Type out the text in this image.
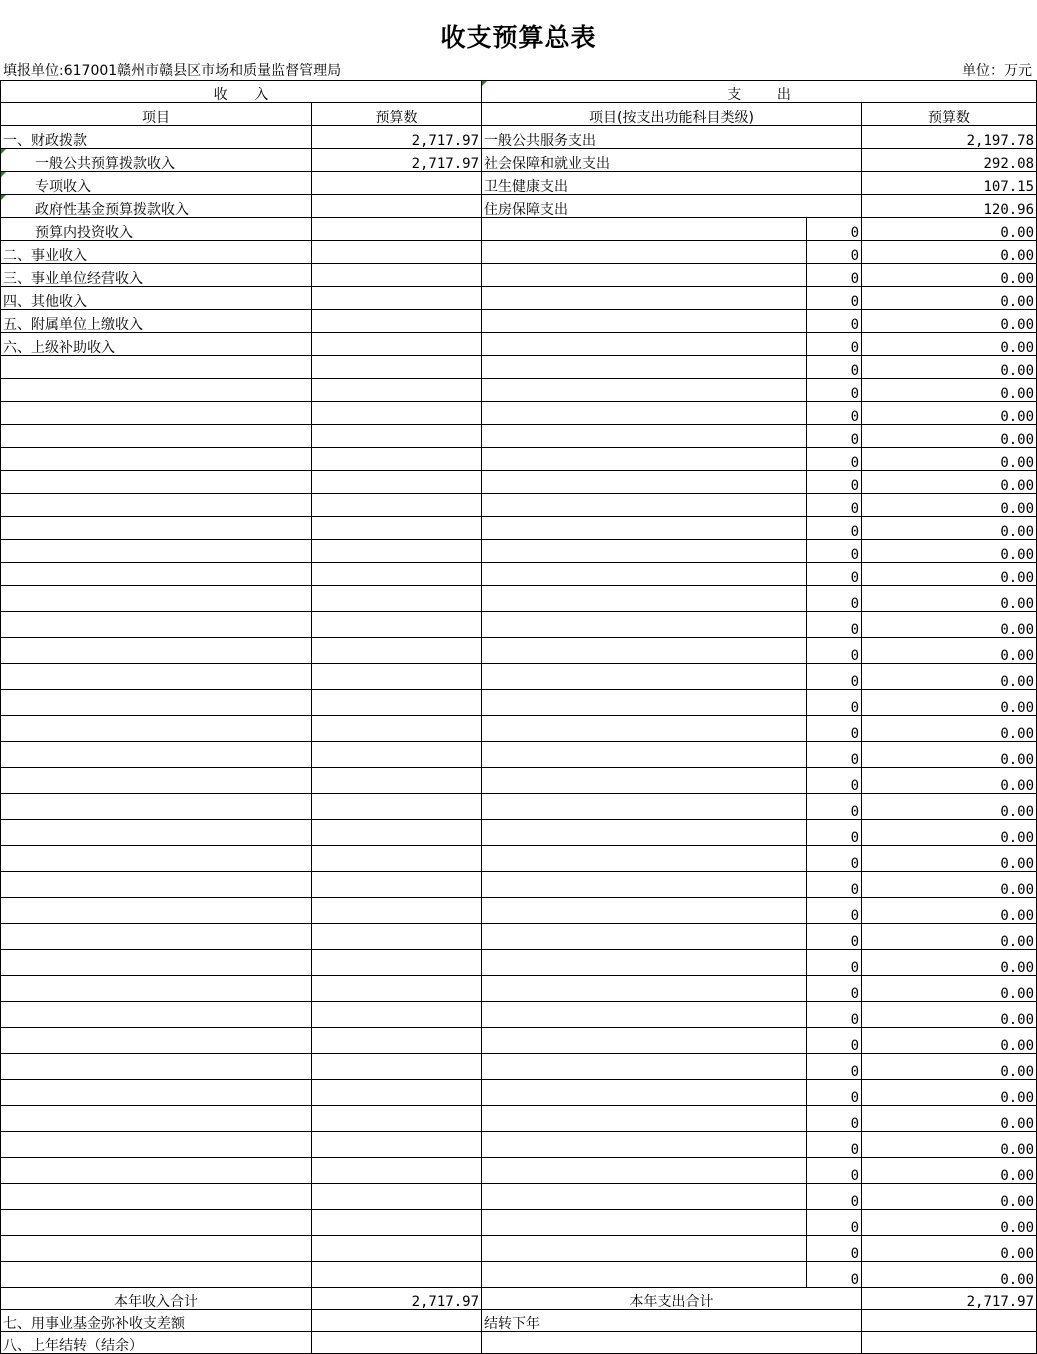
收支预算总表
填报单位:617001赣州市赣县区市场和质量监督管理局	单位：万元
收      入		支        出		
项目	预算数	项目(按支出功能科目类级)		预算数
一、财政拨款	2,717.97	一般公共服务支出		2,197.78
一般公共预算拨款收入	2,717.97	社会保障和就业支出		292.08
专项收入		卫生健康支出		107.15
政府性基金预算拨款收入		住房保障支出		120.96
预算内投资收入			0	0.00
二、事业收入			0	0.00
三、事业单位经营收入			0	0.00
四、其他收入			0	0.00
五、附属单位上缴收入			0	0.00
六、上级补助收入			0	0.00
			0	0.00
			0	0.00
			0	0.00
			0	0.00
			0	0.00
			0	0.00
			0	0.00
			0	0.00
			0	0.00
			0	0.00
			0	0.00
			0	0.00
			0	0.00
			0	0.00
			0	0.00
			0	0.00
			0	0.00
			0	0.00
			0	0.00
			0	0.00
			0	0.00
			0	0.00
			0	0.00
			0	0.00
			0	0.00
			0	0.00
			0	0.00
			0	0.00
			0	0.00
			0	0.00
			0	0.00
			0	0.00
			0	0.00
			0	0.00
			0	0.00
			0	0.00
			0	0.00
本年收入合计	2,717.97	本年支出合计		2,717.97
七、用事业基金弥补收支差额		结转下年		
八、上年结转（结余）				
